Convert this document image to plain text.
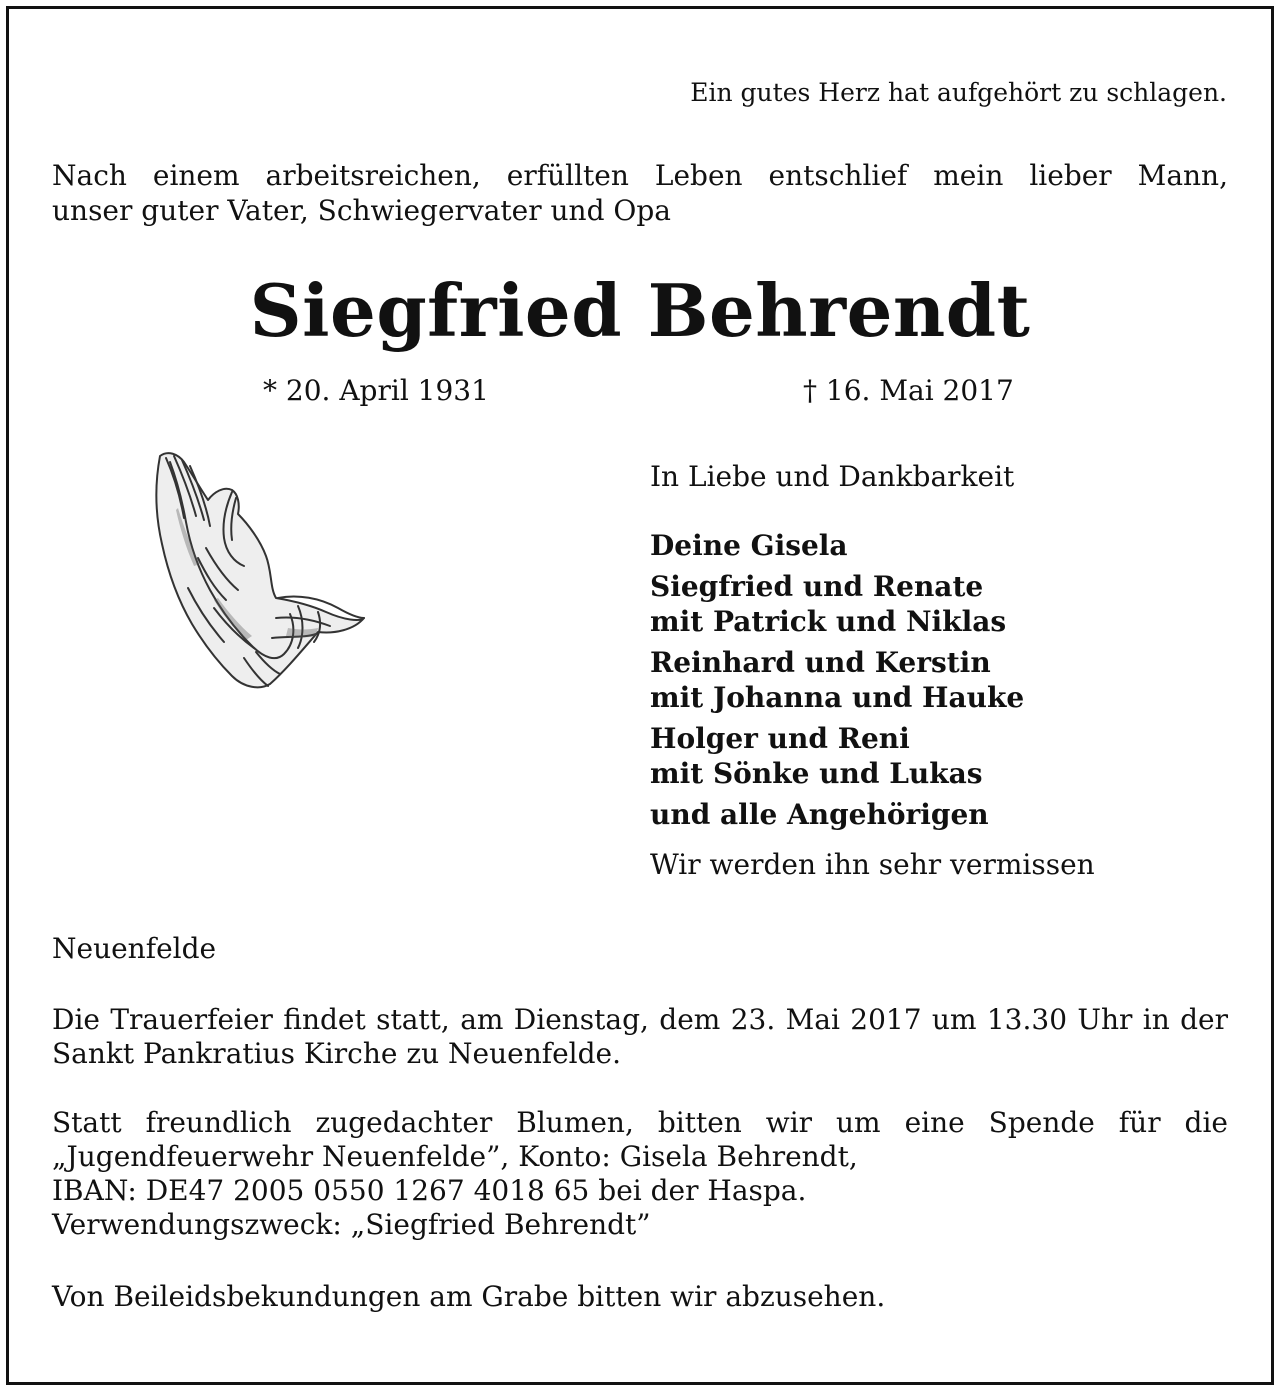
Ein gutes Herz hat aufgehört zu schlagen.
Nach einem arbeitsreichen, erfüllten Leben entschlief mein lieber Mann,
unser guter Vater, Schwiegervater und Opa
Siegfried Behrendt
* 20. April 1931	† 16. Mai 2017
In Liebe und Dankbarkeit
Deine Gisela
Siegfried und Renate
mit Patrick und Niklas
Reinhard und Kerstin
mit Johanna und Hauke
Holger und Reni
mit Sönke und Lukas
und alle Angehörigen
Wir werden ihn sehr vermissen
Neuenfelde
Die Trauerfeier findet statt, am Dienstag, dem 23. Mai 2017 um 13.30 Uhr in der
Sankt Pankratius Kirche zu Neuenfelde.
Statt freundlich zugedachter Blumen, bitten wir um eine Spende für die
„Jugendfeuerwehr Neuenfelde”, Konto: Gisela Behrendt,
IBAN: DE47 2005 0550 1267 4018 65 bei der Haspa.
Verwendungszweck: „Siegfried Behrendt”
Von Beileidsbekundungen am Grabe bitten wir abzusehen.
